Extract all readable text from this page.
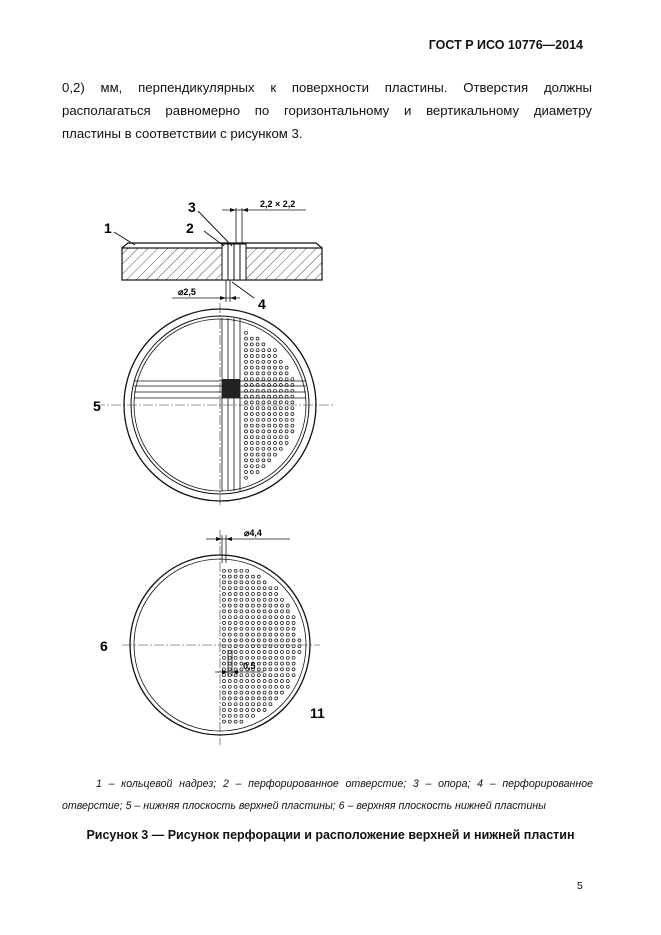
ГОСТ Р ИСО 10776—2014
0,2) мм, перпендикулярных к поверхности пластины. Отверстия должны
располагаться равномерно по горизонтальному и вертикальному диаметру
пластины в соответствии с рисунком 3.
2,2 × 2,2
⌀2,5
1	2
3
4
5
⌀4,4
0,5
6
11
1 – кольцевой надрез; 2 – перфорированное отверстие; 3 – опора; 4 – перфорированное отверстие; 5 – нижняя плоскость верхней пластины; 6 – верхняя плоскость нижней пластины
Рисунок 3 — Рисунок перфорации и расположение верхней и нижней пластин
5
